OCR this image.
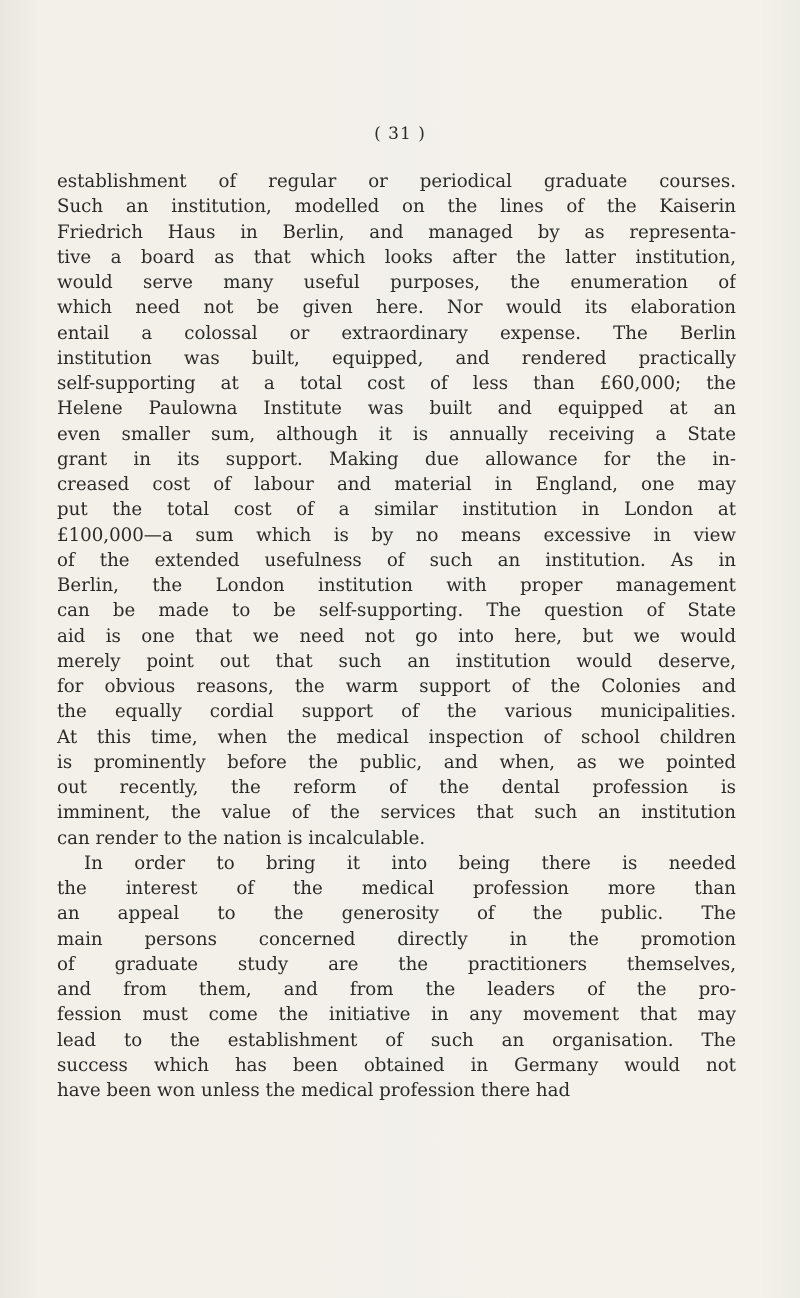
( 31 )
establishment of regular or periodical graduate courses.
Such an institution, modelled on the lines of the Kaiserin
Friedrich Haus in Berlin, and managed by as representa-
tive a board as that which looks after the latter institution,
would serve many useful purposes, the enumeration of
which need not be given here. Nor would its elaboration
entail a colossal or extraordinary expense. The Berlin
institution was built, equipped, and rendered practically
self-supporting at a total cost of less than £60,000; the
Helene Paulowna Institute was built and equipped at an
even smaller sum, although it is annually receiving a State
grant in its support. Making due allowance for the in-
creased cost of labour and material in England, one may
put the total cost of a similar institution in London at
£100,000—a sum which is by no means excessive in view
of the extended usefulness of such an institution. As in
Berlin, the London institution with proper management
can be made to be self-supporting. The question of State
aid is one that we need not go into here, but we would
merely point out that such an institution would deserve,
for obvious reasons, the warm support of the Colonies and
the equally cordial support of the various municipalities.
At this time, when the medical inspection of school children
is prominently before the public, and when, as we pointed
out recently, the reform of the dental profession is
imminent, the value of the services that such an institution
can render to the nation is incalculable.
In order to bring it into being there is needed
the interest of the medical profession more than
an appeal to the generosity of the public. The
main persons concerned directly in the promotion
of graduate study are the practitioners themselves,
and from them, and from the leaders of the pro-
fession must come the initiative in any movement that may
lead to the establishment of such an organisation. The
success which has been obtained in Germany would not
have been won unless the medical profession there had
